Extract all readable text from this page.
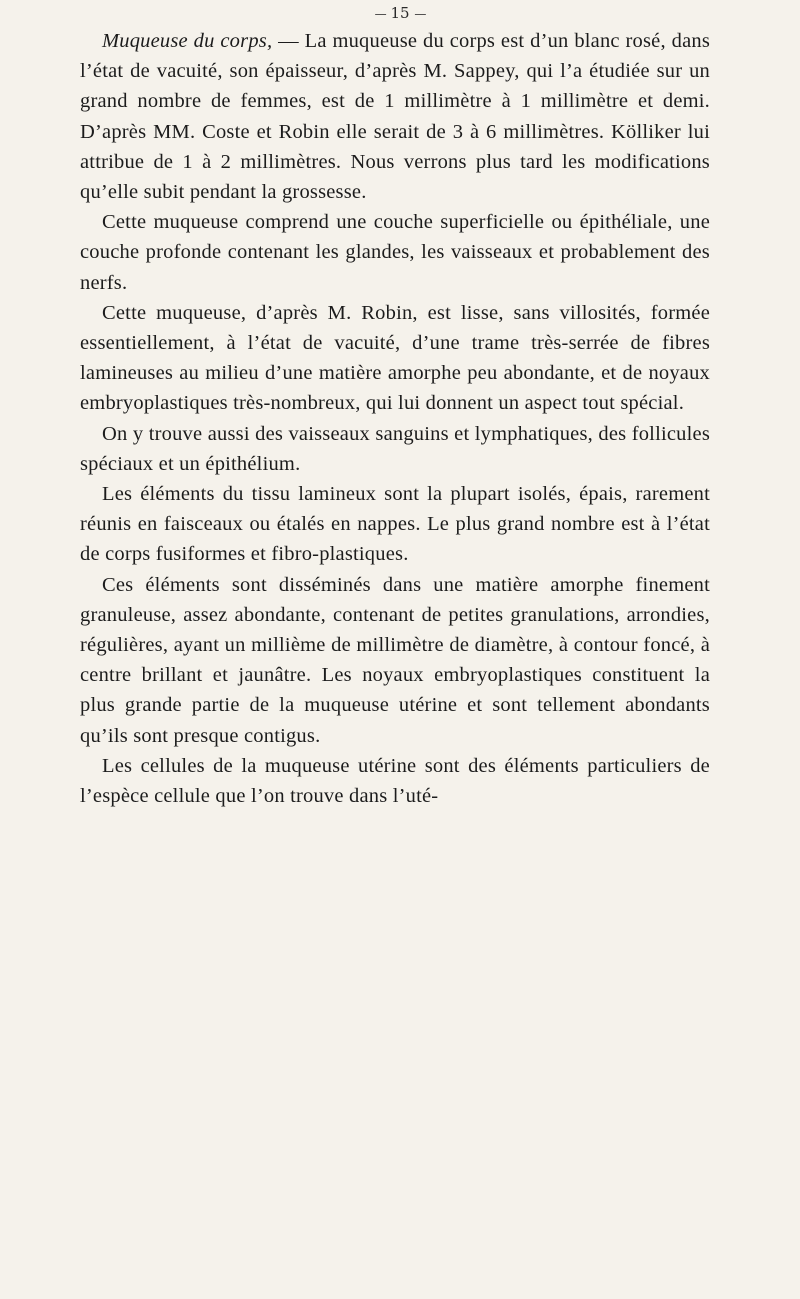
— 15 —

Muqueuse du corps, — La muqueuse du corps est d’un blanc rosé, dans l’état de vacuité, son épaisseur, d’après M. Sappey, qui l’a étudiée sur un grand nombre de femmes, est de 1 millimètre à 1 millimètre et demi. D’après MM. Coste et Robin elle serait de 3 à 6 millimètres. Kölliker lui attribue de 1 à 2 millimètres. Nous verrons plus tard les modifications qu’elle subit pendant la grossesse.

Cette muqueuse comprend une couche superficielle ou épithéliale, une couche profonde contenant les glandes, les vaisseaux et probablement des nerfs.

Cette muqueuse, d’après M. Robin, est lisse, sans villosités, formée essentiellement, à l’état de vacuité, d’une trame très-serrée de fibres lamineuses au milieu d’une matière amorphe peu abondante, et de noyaux embryoplastiques très-nombreux, qui lui donnent un aspect tout spécial.

On y trouve aussi des vaisseaux sanguins et lymphatiques, des follicules spéciaux et un épithélium.

Les éléments du tissu lamineux sont la plupart isolés, épais, rarement réunis en faisceaux ou étalés en nappes. Le plus grand nombre est à l’état de corps fusiformes et fibro-plastiques.

Ces éléments sont disséminés dans une matière amorphe finement granuleuse, assez abondante, contenant de petites granulations, arrondies, régulières, ayant un millième de millimètre de diamètre, à contour foncé, à centre brillant et jaunâtre. Les noyaux embryoplastiques constituent la plus grande partie de la muqueuse utérine et sont tellement abondants qu’ils sont presque contigus.

Les cellules de la muqueuse utérine sont des éléments particuliers de l’espèce cellule que l’on trouve dans l’uté-
